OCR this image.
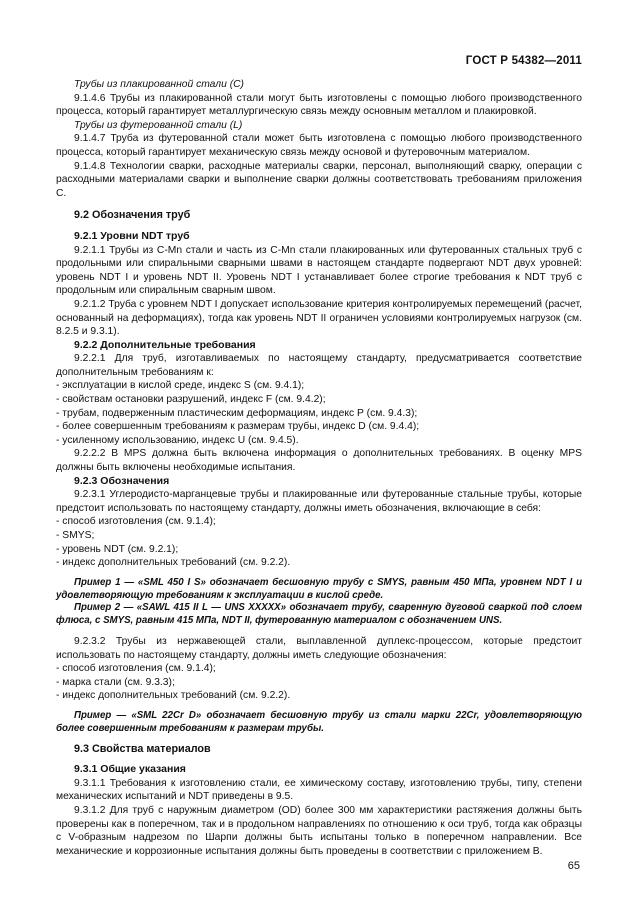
ГОСТ Р 54382—2011

Трубы из плакированной стали (C)

9.1.4.6 Трубы из плакированной стали могут быть изготовлены с помощью любого производственного процесса, который гарантирует металлургическую связь между основным металлом и плакировкой.

Трубы из футерованной стали (L)

9.1.4.7 Труба из футерованной стали может быть изготовлена с помощью любого производственного процесса, который гарантирует механическую связь между основой и футеровочным материалом.

9.1.4.8 Технологии сварки, расходные материалы сварки, персонал, выполняющий сварку, операции с расходными материалами сварки и выполнение сварки должны соответствовать требованиям приложения С.

9.2 Обозначения труб

9.2.1 Уровни NDT труб

9.2.1.1 Трубы из С-Mn стали и часть из С-Mn стали плакированных или футерованных стальных труб с продольными или спиральными сварными швами в настоящем стандарте подвергают NDT двух уровней: уровень NDT I и уровень NDT II. Уровень NDT I устанавливает более строгие требования к NDT труб с продольным или спиральным сварным швом.

9.2.1.2 Труба с уровнем NDT I допускает использование критерия контролируемых перемещений (расчет, основанный на деформациях), тогда как уровень NDT II ограничен условиями контролируемых нагрузок (см. 8.2.5 и 9.3.1).

9.2.2 Дополнительные требования

9.2.2.1 Для труб, изготавливаемых по настоящему стандарту, предусматривается соответствие дополнительным требованиям к:

- эксплуатации в кислой среде, индекс S (см. 9.4.1);

- свойствам остановки разрушений, индекс F (см. 9.4.2);

- трубам, подверженным пластическим деформациям, индекс Р (см. 9.4.3);

- более совершенным требованиям к размерам трубы, индекс D (см. 9.4.4);

- усиленному использованию, индекс U (см. 9.4.5).

9.2.2.2 В MPS должна быть включена информация о дополнительных требованиях. В оценку MPS должны быть включены необходимые испытания.

9.2.3 Обозначения

9.2.3.1 Углеродисто-марганцевые трубы и плакированные или футерованные стальные трубы, которые предстоит использовать по настоящему стандарту, должны иметь обозначения, включающие в себя:

- способ изготовления (см. 9.1.4);

- SMYS;

- уровень NDT (см. 9.2.1);

- индекс дополнительных требований (см. 9.2.2).

Пример 1 — «SML 450 I S» обозначает бесшовную трубу с SMYS, равным 450 МПа, уровнем NDT I и удовлетворяющую требованиям к эксплуатации в кислой среде.

Пример 2 — «SAWL 415 II L — UNS XXXXX» обозначает трубу, сваренную дуговой сваркой под слоем флюса, с SMYS, равным 415 МПа, NDT II, футерованную материалом с обозначением UNS.

9.2.3.2 Трубы из нержавеющей стали, выплавленной дуплекс-процессом, которые предстоит использовать по настоящему стандарту, должны иметь следующие обозначения:

- способ изготовления (см. 9.1.4);

- марка стали (см. 9.3.3);

- индекс дополнительных требований (см. 9.2.2).

Пример — «SML 22Cr D» обозначает бесшовную трубу из стали марки 22Cr, удовлетворяющую более совершенным требованиям к размерам трубы.

9.3 Свойства материалов

9.3.1 Общие указания

9.3.1.1 Требования к изготовлению стали, ее химическому составу, изготовлению трубы, типу, степени механических испытаний и NDT приведены в 9.5.

9.3.1.2 Для труб с наружным диаметром (OD) более 300 мм характеристики растяжения должны быть проверены как в поперечном, так и в продольном направлениях по отношению к оси труб, тогда как образцы с V-образным надрезом по Шарпи должны быть испытаны только в поперечном направлении. Все механические и коррозионные испытания должны быть проведены в соответствии с приложением В.

65
